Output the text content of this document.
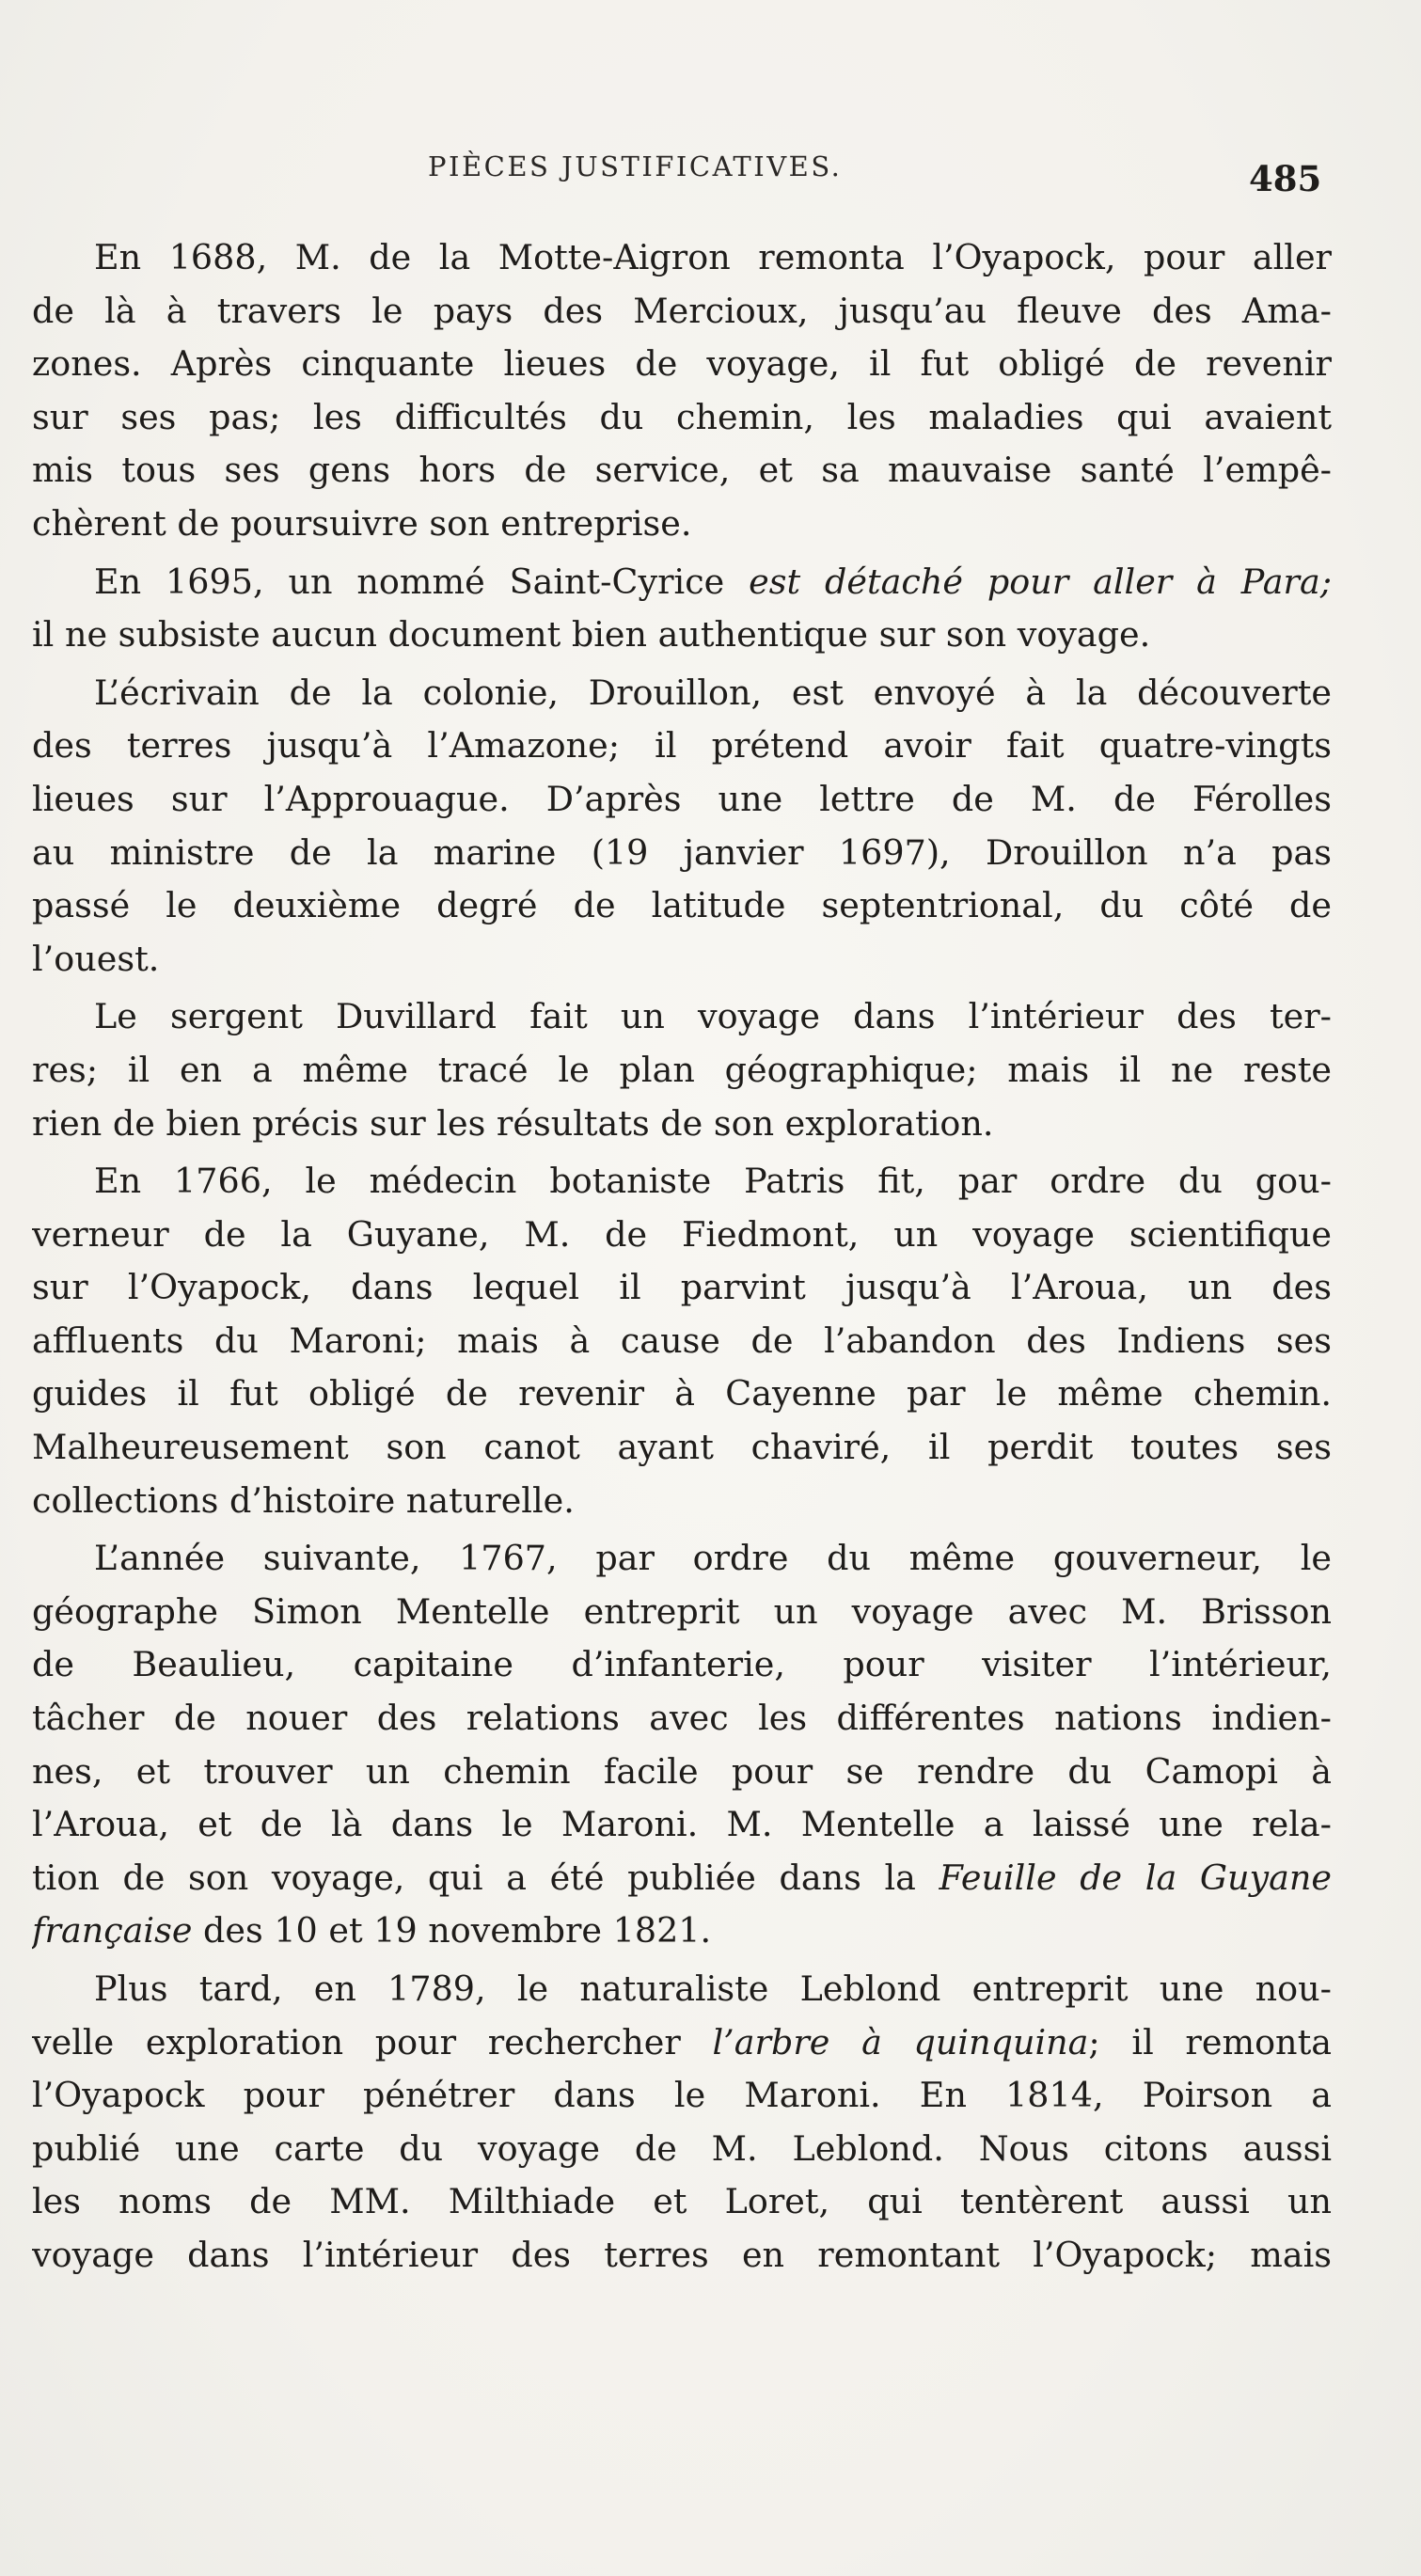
PIÈCES JUSTIFICATIVES.	485
En 1688, M. de la Motte-Aigron remonta l’Oyapock, pour aller
de là à travers le pays des Mercioux, jusqu’au fleuve des Ama-
zones. Après cinquante lieues de voyage, il fut obligé de revenir
sur ses pas; les difficultés du chemin, les maladies qui avaient
mis tous ses gens hors de service, et sa mauvaise santé l’empê-
chèrent de poursuivre son entreprise.
En 1695, un nommé Saint-Cyrice est détaché pour aller à Para;
il ne subsiste aucun document bien authentique sur son voyage.
L’écrivain de la colonie, Drouillon, est envoyé à la découverte
des terres jusqu’à l’Amazone; il prétend avoir fait quatre-vingts
lieues sur l’Approuague. D’après une lettre de M. de Férolles
au ministre de la marine (19 janvier 1697), Drouillon n’a pas
passé le deuxième degré de latitude septentrional, du côté de
l’ouest.
Le sergent Duvillard fait un voyage dans l’intérieur des ter-
res; il en a même tracé le plan géographique; mais il ne reste
rien de bien précis sur les résultats de son exploration.
En 1766, le médecin botaniste Patris fit, par ordre du gou-
verneur de la Guyane, M. de Fiedmont, un voyage scientifique
sur l’Oyapock, dans lequel il parvint jusqu’à l’Aroua, un des
affluents du Maroni; mais à cause de l’abandon des Indiens ses
guides il fut obligé de revenir à Cayenne par le même chemin.
Malheureusement son canot ayant chaviré, il perdit toutes ses
collections d’histoire naturelle.
L’année suivante, 1767, par ordre du même gouverneur, le
géographe Simon Mentelle entreprit un voyage avec M. Brisson
de Beaulieu, capitaine d’infanterie, pour visiter l’intérieur,
tâcher de nouer des relations avec les différentes nations indien-
nes, et trouver un chemin facile pour se rendre du Camopi à
l’Aroua, et de là dans le Maroni. M. Mentelle a laissé une rela-
tion de son voyage, qui a été publiée dans la Feuille de la Guyane
française des 10 et 19 novembre 1821.
Plus tard, en 1789, le naturaliste Leblond entreprit une nou-
velle exploration pour rechercher l’arbre à quinquina; il remonta
l’Oyapock pour pénétrer dans le Maroni. En 1814, Poirson a
publié une carte du voyage de M. Leblond. Nous citons aussi
les noms de MM. Milthiade et Loret, qui tentèrent aussi un
voyage dans l’intérieur des terres en remontant l’Oyapock; mais
